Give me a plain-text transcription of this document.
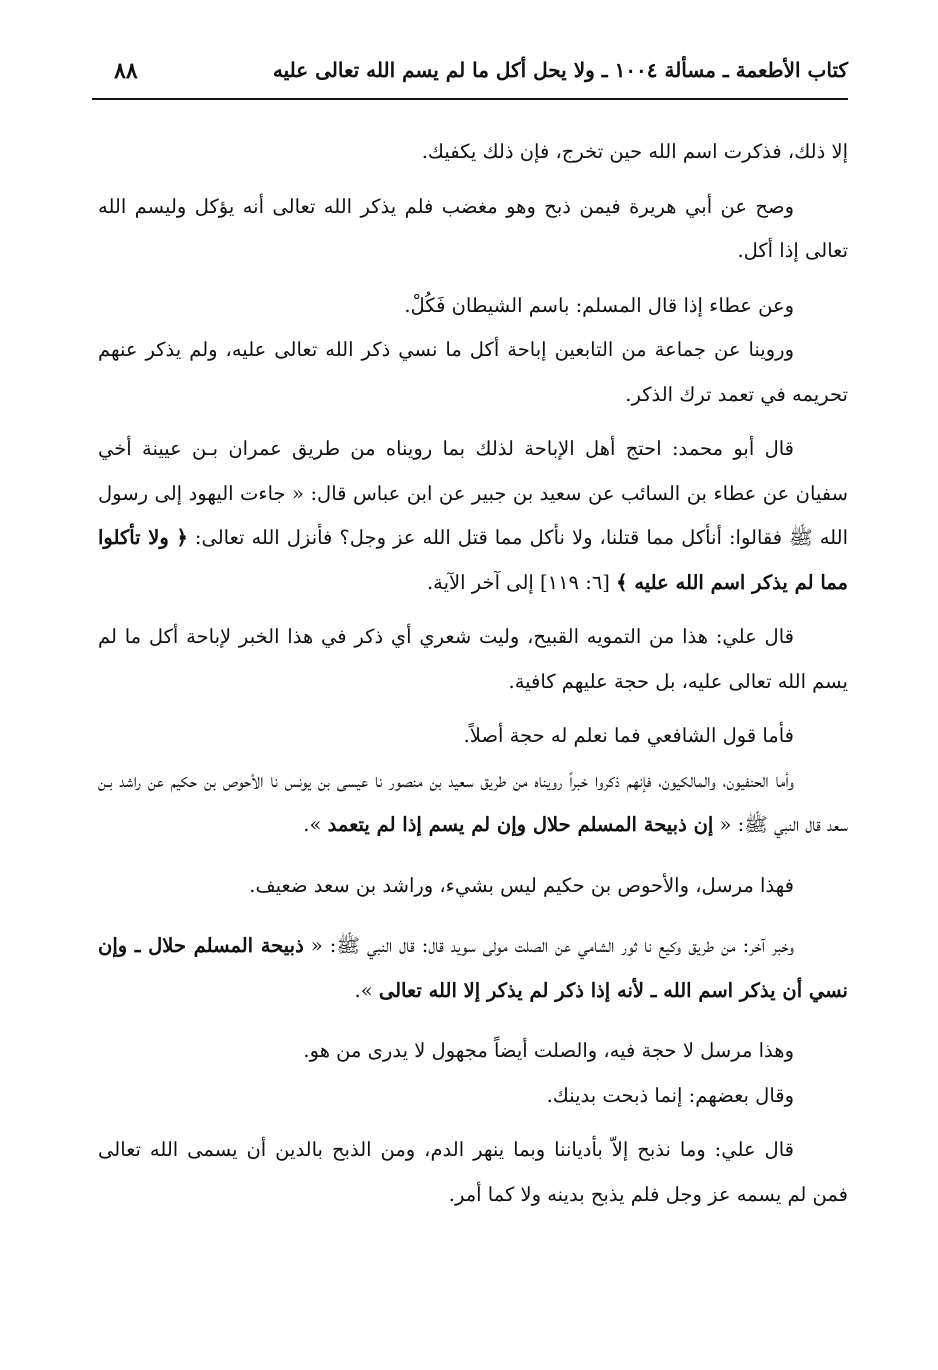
كتاب الأطعمة ـ مسألة ١٠٠٤ ـ ولا يحل أكل ما لم يسم الله تعالى عليه
٨٨

إلا ذلك، فذكرت اسم الله حين تخرج، فإن ذلك يكفيك.

وصح عن أبي هريرة فيمن ذبح وهو مغضب فلم يذكر الله تعالى أنه يؤكل وليسم الله تعالى إذا أكل.

وعن عطاء إذا قال المسلم: باسم الشيطان فَكُلْ.

وروينا عن جماعة من التابعين إباحة أكل ما نسي ذكر الله تعالى عليه، ولم يذكر عنهم تحريمه في تعمد ترك الذكر.

قال أبو محمد: احتج أهل الإباحة لذلك بما رويناه من طريق عمران بـن عيينة أخي سفيان عن عطاء بن السائب عن سعيد بن جبير عن ابن عباس قال: « جاءت اليهود إلى رسول الله ﷺ فقالوا: أنأكل مما قتلنا، ولا نأكل مما قتل الله عز وجل؟ فأنزل الله تعالى: ﴿ ولا تأكلوا مما لم يذكر اسم الله عليه ﴾ [٦: ١١٩] إلى آخر الآية.

قال علي: هذا من التمويه القبيح، وليت شعري أي ذكر في هذا الخبر لإباحة أكل ما لم يسم الله تعالى عليه، بل حجة عليهم كافية.

فأما قول الشافعي فما نعلم له حجة أصلاً.

وأما الحنفيون، والمالكيون، فإنهم ذكروا خبراً رويناه من طريق سعيد بن منصور نا عيسى بن يونس نا الأحوص بن حكيم عن راشد بـن سعد قال النبي ﷺ: « إن ذبيحة المسلم حلال وإن لم يسم إذا لم يتعمد ».

فهذا مرسل، والأحوص بن حكيم ليس بشيء، وراشد بن سعد ضعيف.

وخبر آخر: من طريق وكيع نا ثور الشامي عن الصلت مولى سويد قال: قال النبي ﷺ: « ذبيحة المسلم حلال ـ وإن نسي أن يذكر اسم الله ـ لأنه إذا ذكر لم يذكر إلا الله تعالى ».

وهذا مرسل لا حجة فيه، والصلت أيضاً مجهول لا يدرى من هو.

وقال بعضهم: إنما ذبحت بدينك.

قال علي: وما نذبح إلاّ بأدياننا وبما ينهر الدم، ومن الذبح بالدين أن يسمى الله تعالى فمن لم يسمه عز وجل فلم يذبح بدينه ولا كما أمر.
